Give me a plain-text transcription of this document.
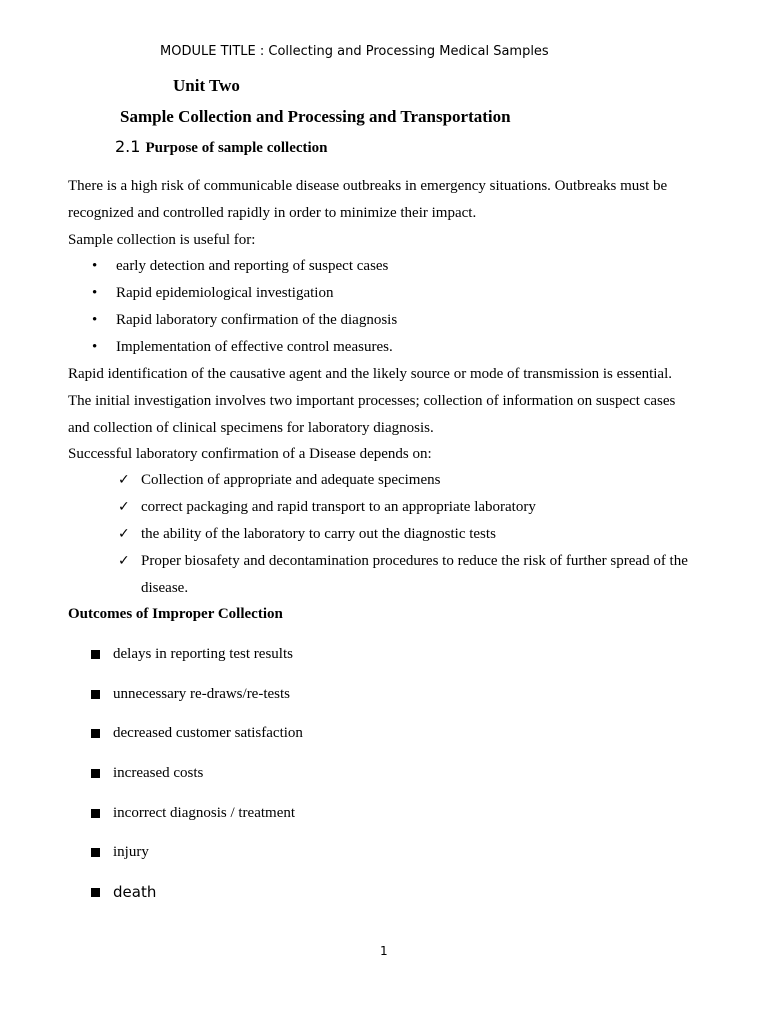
MODULE TITLE : Collecting and Processing Medical Samples
Unit Two
Sample Collection and Processing and Transportation
2.1 Purpose of sample collection
There is a high risk of communicable disease outbreaks in emergency situations. Outbreaks must be
recognized and controlled rapidly in order to minimize their impact.
Sample collection is useful for:
• early detection and reporting of suspect cases
• Rapid epidemiological investigation
• Rapid laboratory confirmation of the diagnosis
• Implementation of effective control measures.
Rapid identification of the causative agent and the likely source or mode of transmission is essential.
The initial investigation involves two important processes; collection of information on suspect cases
and collection of clinical specimens for laboratory diagnosis.
Successful laboratory confirmation of a Disease depends on:
✓ Collection of appropriate and adequate specimens
✓ correct packaging and rapid transport to an appropriate laboratory
✓ the ability of the laboratory to carry out the diagnostic tests
✓ Proper biosafety and decontamination procedures to reduce the risk of further spread of the
disease.
Outcomes of Improper Collection
delays in reporting test results
unnecessary re-draws/re-tests
decreased customer satisfaction
increased costs
incorrect diagnosis / treatment
injury
death
1
